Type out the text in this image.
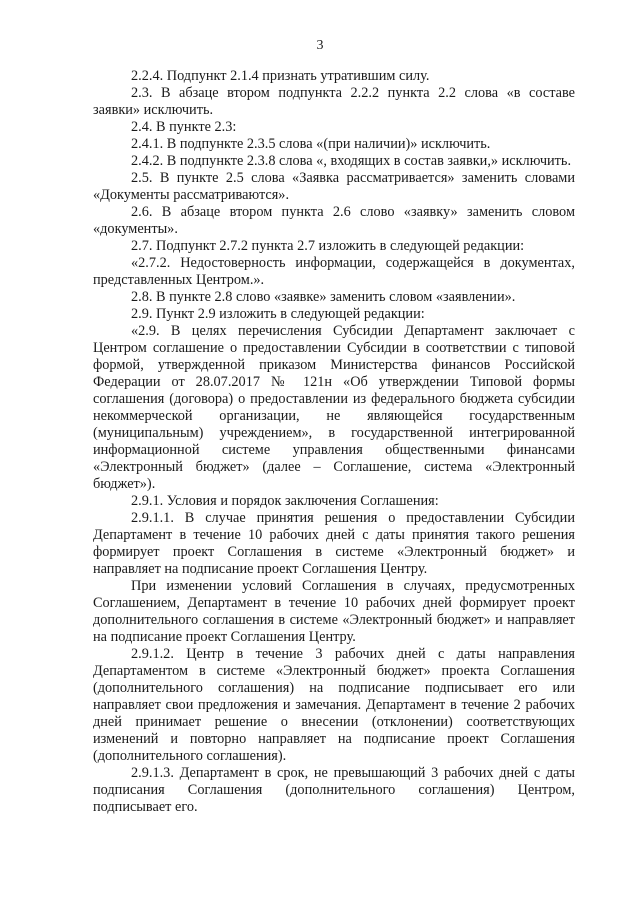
3

2.2.4. Подпункт 2.1.4 признать утратившим силу.

2.3. В абзаце втором подпункта 2.2.2 пункта 2.2 слова «в составе заявки» исключить.

2.4. В пункте 2.3:

2.4.1. В подпункте 2.3.5 слова «(при наличии)» исключить.

2.4.2. В подпункте 2.3.8 слова «, входящих в состав заявки,» исключить.

2.5. В пункте 2.5 слова «Заявка рассматривается» заменить словами «Документы рассматриваются».

2.6. В абзаце втором пункта 2.6 слово «заявку» заменить словом «документы».

2.7. Подпункт 2.7.2 пункта 2.7 изложить в следующей редакции:

«2.7.2. Недостоверность информации, содержащейся в документах, представленных Центром.».

2.8. В пункте 2.8 слово «заявке» заменить словом «заявлении».

2.9. Пункт 2.9 изложить в следующей редакции:

«2.9. В целях перечисления Субсидии Департамент заключает с Центром соглашение о предоставлении Субсидии в соответствии с типовой формой, утвержденной приказом Министерства финансов Российской Федерации от 28.07.2017 № 121н «Об утверждении Типовой формы соглашения (договора) о предоставлении из федерального бюджета субсидии некоммерческой организации, не являющейся государственным (муниципальным) учреждением», в государственной интегрированной информационной системе управления общественными финансами «Электронный бюджет» (далее – Соглашение, система «Электронный бюджет»).

2.9.1. Условия и порядок заключения Соглашения:

2.9.1.1. В случае принятия решения о предоставлении Субсидии Департамент в течение 10 рабочих дней с даты принятия такого решения формирует проект Соглашения в системе «Электронный бюджет» и направляет на подписание проект Соглашения Центру.

При изменении условий Соглашения в случаях, предусмотренных Соглашением, Департамент в течение 10 рабочих дней формирует проект дополнительного соглашения в системе «Электронный бюджет» и направляет на подписание проект Соглашения Центру.

2.9.1.2. Центр в течение 3 рабочих дней с даты направления Департаментом в системе «Электронный бюджет» проекта Соглашения (дополнительного соглашения) на подписание подписывает его или направляет свои предложения и замечания. Департамент в течение 2 рабочих дней принимает решение о внесении (отклонении) соответствующих изменений и повторно направляет на подписание проект Соглашения (дополнительного соглашения).

2.9.1.3. Департамент в срок, не превышающий 3 рабочих дней с даты подписания Соглашения (дополнительного соглашения) Центром, подписывает его.
